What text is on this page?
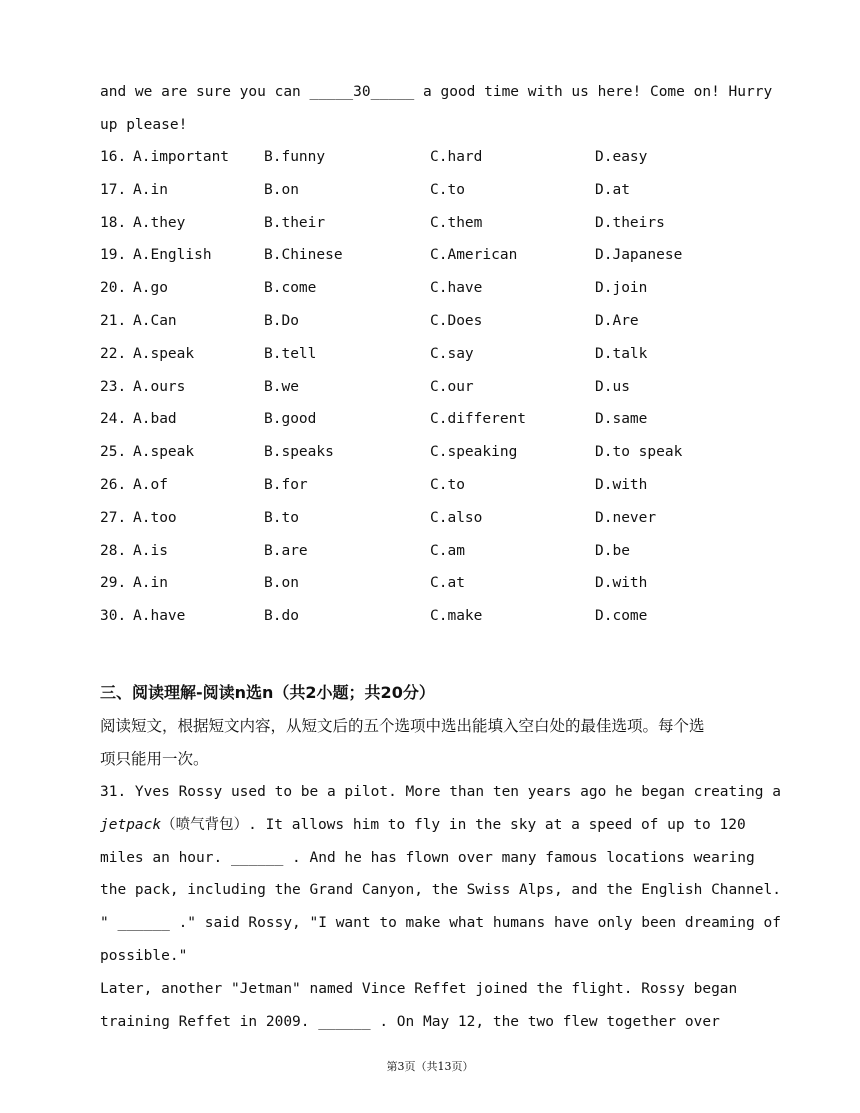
and we are sure you can _____30_____ a good time with us here! Come on! Hurry
up please!
16. A.important B.funny	C.hard	D.easy
17. A.in	B.on	C.to	D.at
18. A.they	B.their	C.them	D.theirs
19. A.English	B.Chinese	C.American	D.Japanese
20. A.go	B.come	C.have	D.join
21. A.Can	B.Do	C.Does	D.Are
22. A.speak	B.tell	C.say	D.talk
23. A.ours	B.we	C.our	D.us
24. A.bad	B.good	C.different	D.same
25. A.speak	B.speaks	C.speaking	D.to speak
26. A.of	B.for	C.to	D.with
27. A.too	B.to	C.also	D.never
28. A.is	B.are	C.am	D.be
29. A.in	B.on	C.at	D.with
30. A.have	B.do	C.make	D.come
三、阅读理解-阅读n选n（共2小题；共20分）
阅读短文，根据短文内容，从短文后的五个选项中选出能填入空白处的最佳选项。每个选
项只能用一次。
31. Yves Rossy used to be a pilot. More than ten years ago he began creating a
jetpack（喷气背包）. It allows him to fly in the sky at a speed of up to 120
miles an hour. ______ . And he has flown over many famous locations wearing
the pack, including the Grand Canyon, the Swiss Alps, and the English Channel.
" ______ ." said Rossy, "I want to make what humans have only been dreaming of
possible."
Later, another "Jetman" named Vince Reffet joined the flight. Rossy began
training Reffet in 2009. ______ . On May 12, the two flew together over
第3页（共13页）
